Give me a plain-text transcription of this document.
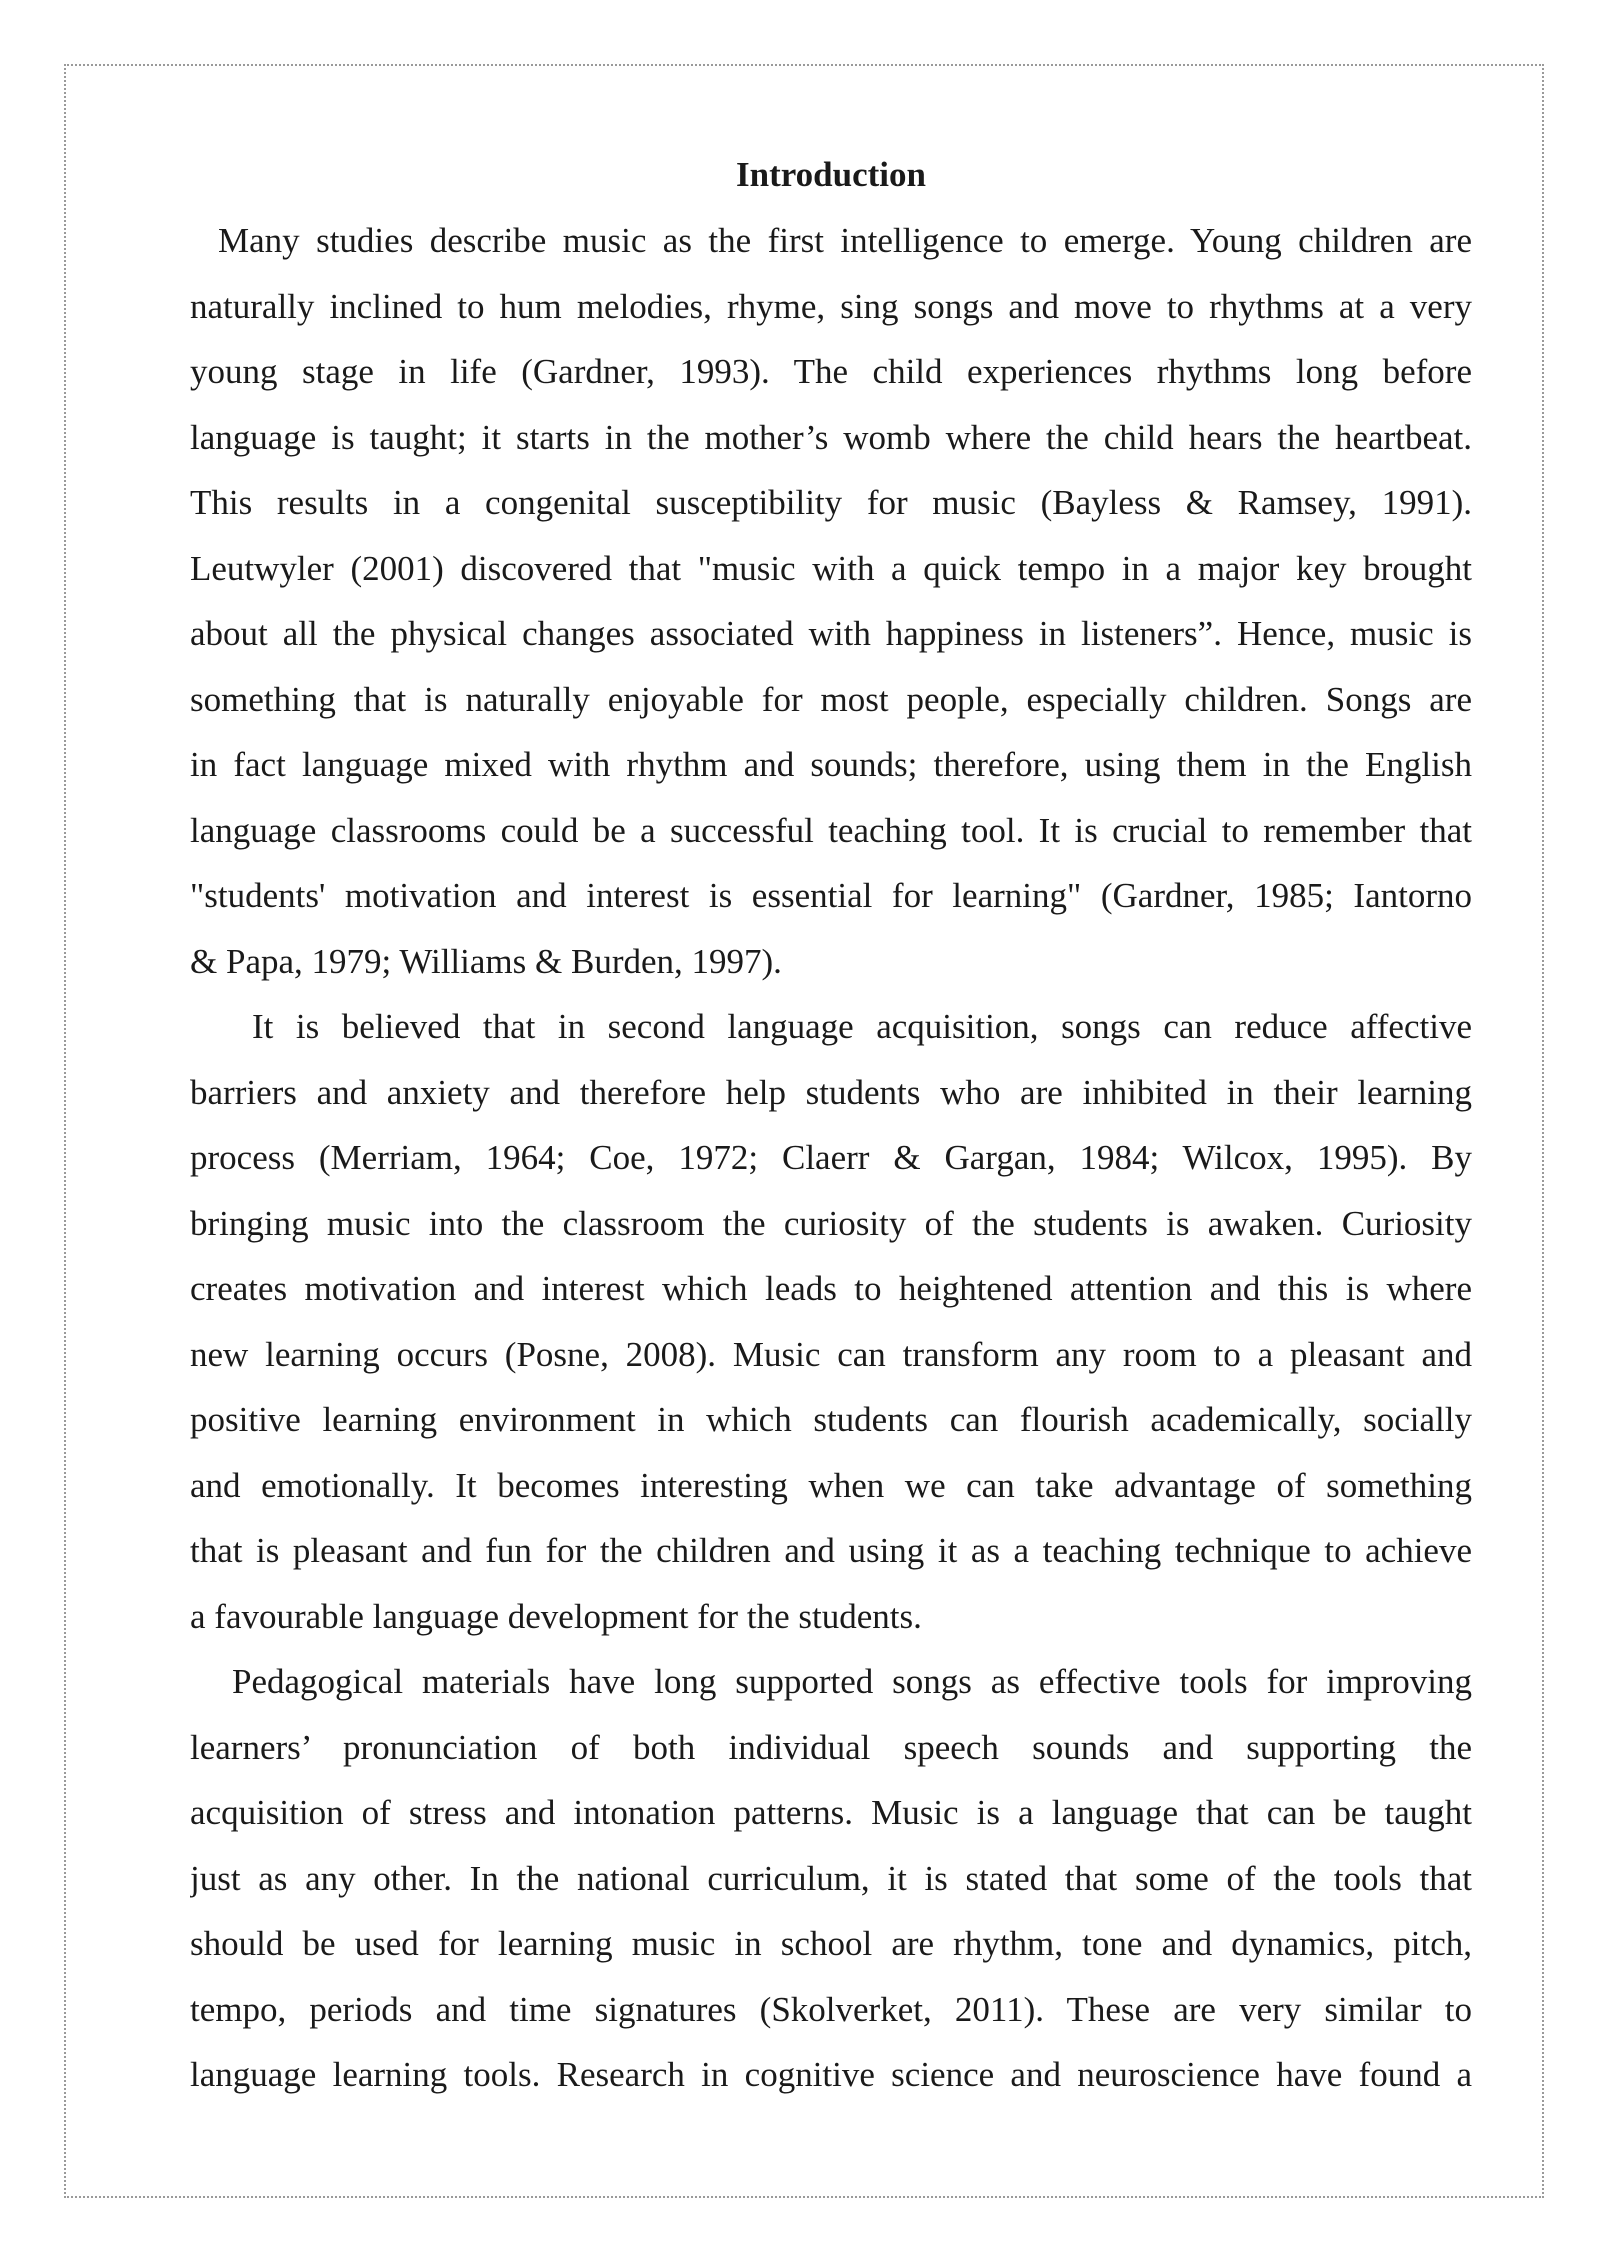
Introduction
Many studies describe music as the first intelligence to emerge. Young children are
naturally inclined to hum melodies, rhyme, sing songs and move to rhythms at a very
young stage in life (Gardner, 1993). The child experiences rhythms long before
language is taught; it starts in the mother’s womb where the child hears the heartbeat.
This results in a congenital susceptibility for music (Bayless & Ramsey, 1991).
Leutwyler (2001) discovered that "music with a quick tempo in a major key brought
about all the physical changes associated with happiness in listeners”. Hence, music is
something that is naturally enjoyable for most people, especially children. Songs are
in fact language mixed with rhythm and sounds; therefore, using them in the English
language classrooms could be a successful teaching tool. It is crucial to remember that
"students' motivation and interest is essential for learning" (Gardner, 1985; Iantorno
& Papa, 1979; Williams & Burden, 1997).
It is believed that in second language acquisition, songs can reduce affective
barriers and anxiety and therefore help students who are inhibited in their learning
process (Merriam, 1964; Coe, 1972; Claerr & Gargan, 1984; Wilcox, 1995). By
bringing music into the classroom the curiosity of the students is awaken. Curiosity
creates motivation and interest which leads to heightened attention and this is where
new learning occurs (Posne, 2008). Music can transform any room to a pleasant and
positive learning environment in which students can flourish academically, socially
and emotionally. It becomes interesting when we can take advantage of something
that is pleasant and fun for the children and using it as a teaching technique to achieve
a favourable language development for the students.
Pedagogical materials have long supported songs as effective tools for improving
learners’ pronunciation of both individual speech sounds and supporting the
acquisition of stress and intonation patterns. Music is a language that can be taught
just as any other. In the national curriculum, it is stated that some of the tools that
should be used for learning music in school are rhythm, tone and dynamics, pitch,
tempo, periods and time signatures (Skolverket, 2011). These are very similar to
language learning tools. Research in cognitive science and neuroscience have found a
